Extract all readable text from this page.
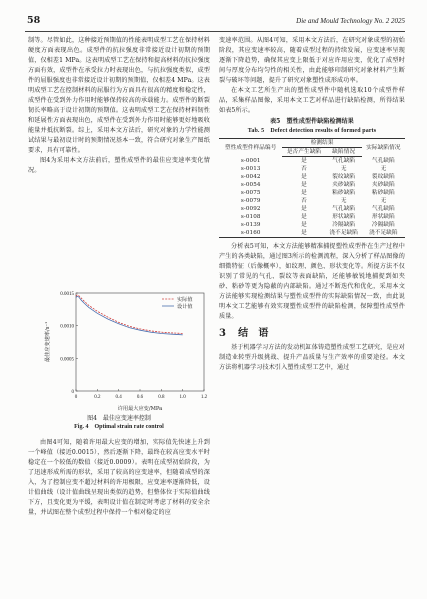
58	Die and Mould Technology No. 2 2025

制等。尽管如此，这种接近预期值的性能表明成型工艺在保持材料硬度方面表现出色。成型件的抗拉强度非常接近设计初期的预期值，仅相差1 MPa。这表明成型工艺在保持和提高材料的抗拉强度方面有效，成型件在承受拉力时表现出色，与抗拉强度类似，成型件的屈服强度也非常接近设计初期的预期值，仅相差4 MPa。这表明成型工艺在控制材料的屈服行为方面具有很高的精度和稳定性，成型件在受到外力作用时能够保持较高的承载能力。成型件的断裂韧长率略高于设计初期的预期值。这表明成型工艺在保持材料韧性和延展性方面表现出色，成型件在受到外力作用时能够更好地吸收能量并抵抗断裂。综上，采用本文方法后，研究对象的力学性能测试结果与最初设计时的预期情况基本一致，符合研究对象生产图纸要求，具有可靠性。

图4为采用本文方法前后，塑性成型件的最佳应变速率变化情况。

0
0.0005
0.0010
0.0015
0	0.2	0.4	0.6	0.8	1.0	1.2
许用最大应变/MPa
最佳应变速率/s⁻¹
实际值
设计值
图4　最佳应变速率控制
Fig. 4　Optimal strain rate control

由图4可知，随着许用最大应变的增加，实际值先快速上升到一个峰值（接近0.0015），然后逐渐下降，最终在较高应变水平时稳定在一个较低的数值（接近0.0009）。表明在成型初始阶段，为了迅速形成所需的形状，采用了较高的应变速率，但随着成型的深入，为了控制应变不超过材料的许用极限，应变速率逐渐降低，设计值曲线（设计值曲线呈现出类似的趋势，但整体位于实际值曲线下方，且变化更为平缓，表明设计值在制定时考虑了材料的安全余量，并试图在整个成型过程中保持一个相对稳定的应

变速率范围。从图4可知，采用本文方法后，在研究对象成型的初始阶段，其应变速率较高，随着成型过程的持续发展，应变速率呈现逐渐下降趋势，确保其应变上限低于对应许用应变，优化了成型时间与厚度分布均匀性的相关性，由此能够印制研究对象材料产生断裂与破坏等问题，提升了研究对象塑性成形成功率。

在本文工艺所生产出的塑性成型件中随机选取10个成型件样品，采集样品图像，采用本文工艺对样品进行缺陷检测，所得结果如表5所示。

表5　塑性成型件缺陷检测结果
Tab. 5　Defect detection results of formed parts
塑性成型件样品编号	检测结果		实际缺陷情况
	是否产生缺陷	缺陷情况	
s-0001	是	气孔缺陷	气孔缺陷
s-0013	否	无	无
s-0042	是	裂纹缺陷	裂纹缺陷
s-0054	是	夹砂缺陷	夹砂缺陷
s-0075	是	粘砂缺陷	粘砂缺陷
s-0079	否	无	无
s-0092	是	气孔缺陷	气孔缺陷
s-0108	是	形状缺陷	形状缺陷
s-0139	是	冷隔缺陷	冷隔缺陷
s-0160	是	浇不足缺陷	浇不足缺陷

分析表5可知，本文方法能够精准捕捉塑性成型件在生产过程中产生的各类缺陷，通过图3所示的检测流程，深入分析了样品图像的细微特征（后像概率），如纹理、颜色、形状变化等。所提方法不仅识别了常见的气孔、裂纹等表面缺陷，还能够敏锐地捕捉到如夹砂、粘砂等更为隐蔽的内部缺陷。通过不断迭代和优化，采用本文方法能够实现检测结果与塑性成型件的实际缺陷情况一致，由此说明本文工艺能够有效实现塑性成型件的缺陷检测，保障塑性成型件质量。

3 结　语

基于机器学习方法的发动机缸体铸造塑性成型工艺研究，是应对制造业转型升级挑战、提升产品质量与生产效率的重要途径。本文方法将机器学习技术引入塑性成型工艺中，通过
